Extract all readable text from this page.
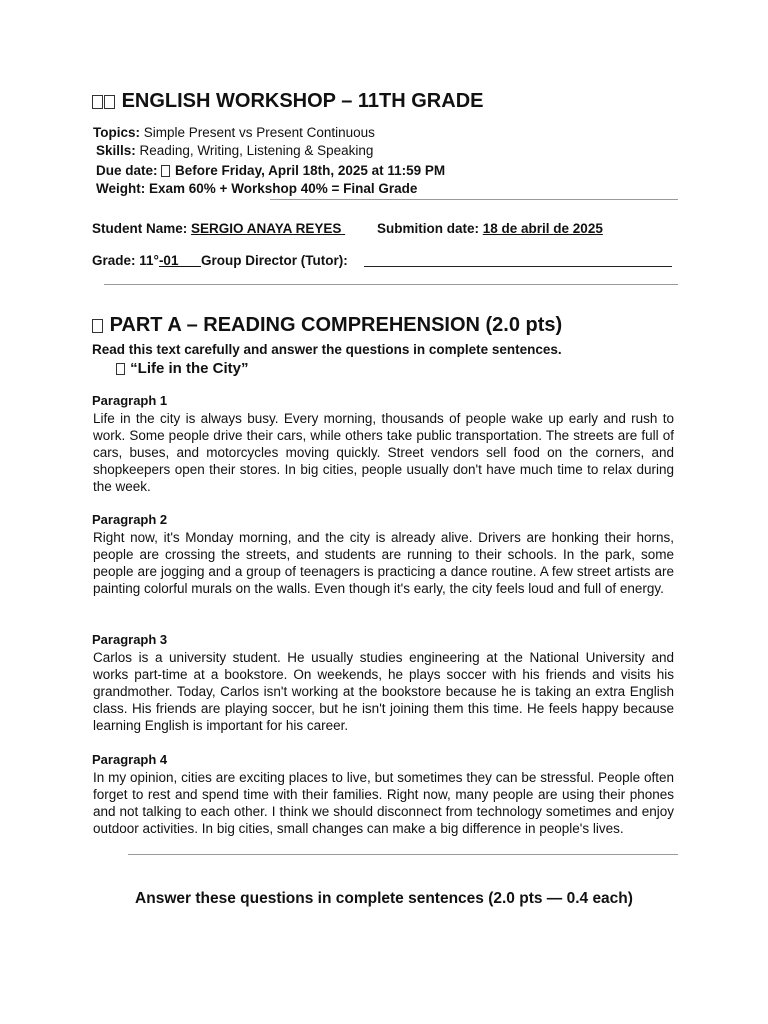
ENGLISH WORKSHOP – 11TH GRADE
Topics: Simple Present vs Present Continuous
Skills: Reading, Writing, Listening & Speaking
Due date: Before Friday, April 18th, 2025 at 11:59 PM
Weight: Exam 60% + Workshop 40% = Final Grade
Student Name: SERGIO ANAYA REYES	Submition date: 18 de abril de 2025
Grade: 11°-01 Group Director (Tutor):
PART A – READING COMPREHENSION (2.0 pts)
Read this text carefully and answer the questions in complete sentences.
“Life in the City”
Paragraph 1
Life in the city is always busy. Every morning, thousands of people wake up early and rush to work. Some people drive their cars, while others take public transportation. The streets are full of cars, buses, and motorcycles moving quickly. Street vendors sell food on the corners, and shopkeepers open their stores. In big cities, people usually don't have much time to relax during the week.
Paragraph 2
Right now, it's Monday morning, and the city is already alive. Drivers are honking their horns, people are crossing the streets, and students are running to their schools. In the park, some people are jogging and a group of teenagers is practicing a dance routine. A few street artists are painting colorful murals on the walls. Even though it's early, the city feels loud and full of energy.
Paragraph 3
Carlos is a university student. He usually studies engineering at the National University and works part-time at a bookstore. On weekends, he plays soccer with his friends and visits his grandmother. Today, Carlos isn't working at the bookstore because he is taking an extra English class. His friends are playing soccer, but he isn't joining them this time. He feels happy because learning English is important for his career.
Paragraph 4
In my opinion, cities are exciting places to live, but sometimes they can be stressful. People often forget to rest and spend time with their families. Right now, many people are using their phones and not talking to each other. I think we should disconnect from technology sometimes and enjoy outdoor activities. In big cities, small changes can make a big difference in people's lives.
Answer these questions in complete sentences (2.0 pts — 0.4 each)
